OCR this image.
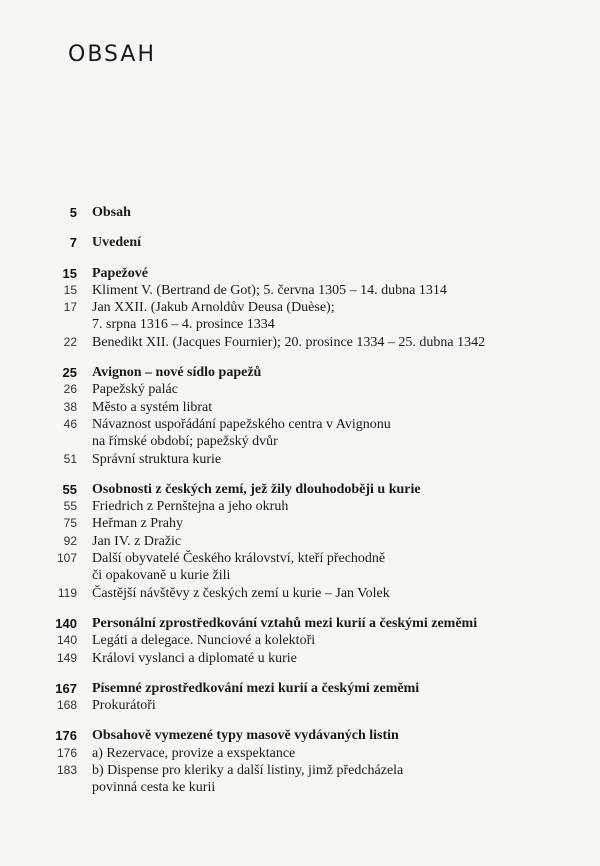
OBSAH
5	Obsah
7	Uvedení
15	Papežové
15	Kliment V. (Bertrand de Got); 5. června 1305 – 14. dubna 1314
17	Jan XXII. (Jakub Arnoldův Deusa (Duèse);
7. srpna 1316 – 4. prosince 1334
22	Benedikt XII. (Jacques Fournier); 20. prosince 1334 – 25. dubna 1342
25	Avignon – nové sídlo papežů
26	Papežský palác
38	Město a systém librat
46	Návaznost uspořádání papežského centra v Avignonu
na římské období; papežský dvůr
51	Správní struktura kurie
55	Osobnosti z českých zemí, jež žily dlouhodoběji u kurie
55	Friedrich z Pernštejna a jeho okruh
75	Heřman z Prahy
92	Jan IV. z Dražic
107	Další obyvatelé Českého království, kteří přechodně
či opakovaně u kurie žili
119	Častější návštěvy z českých zemí u kurie – Jan Volek
140	Personální zprostředkování vztahů mezi kurií a českými zeměmi
140	Legáti a delegace. Nunciové a kolektoři
149	Královi vyslanci a diplomaté u kurie
167	Písemné zprostředkování mezi kurií a českými zeměmi
168	Prokurátoři
176	Obsahově vymezené typy masově vydávaných listin
176	a) Rezervace, provize a exspektance
183	b) Dispense pro kleriky a další listiny, jimž předcházela
povinná cesta ke kurii
